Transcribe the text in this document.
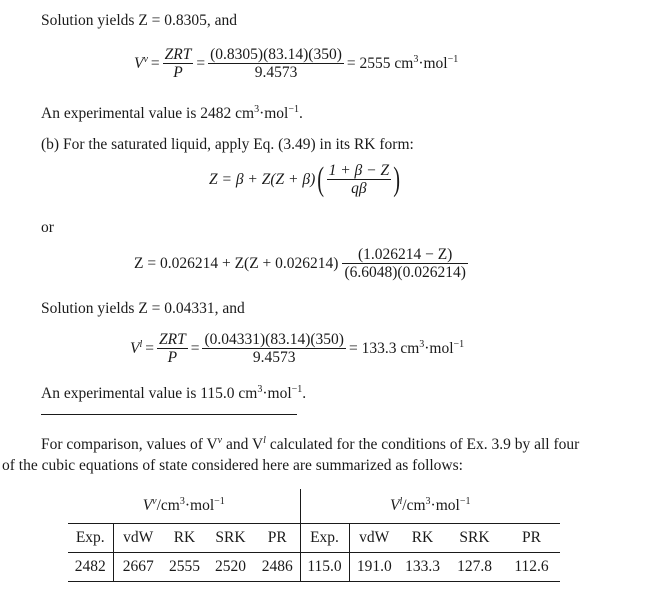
Solution yields Z = 0.8305, and
$V^v = \frac{\text{ZRT}}{P} = \frac{(0.8305)(83.14)(350)}{9.4573} = 2555$ $cm^3\cdot mol^{-1}$
An experimental value is 2482 $cm^3\cdot mol^{-1}$.
(b) For the saturated liquid, apply Eq. (3.49) in its RK form:
Z = β + Z(Z + β) ( $\frac{1 + \beta - Z}{q\beta}$ )
or
$Z = 0.026214 + Z(Z + 0.026214) \frac{(1.026214 - Z)}{(6.6048)(0.026214)}$
Solution yields Z = 0.04331, and
$V^l = \frac{\text{ZRT}}{P} = \frac{(0.04331)(83.14)(350)}{9.4573} = 133.3$ $cm^3\cdot mol^{-1}$
An experimental value is 115.0 $cm^3\cdot mol^{-1}$.
For comparison, values of $V^v$ and $V^l$ calculated for the conditions of Ex. 3.9 by all four
of the cubic equations of state considered here are summarized as follows:
$V^v/cm^3\cdot mol^{-1}$					$V^l/cm^3\cdot mol^{-1}$
Exp.	vdW	RK	SRK	PR	Exp.	vdW	RK	SRK	PR
2482	2667	2555	2520	2486	115.0	191.0	133.3	127.8	112.6
